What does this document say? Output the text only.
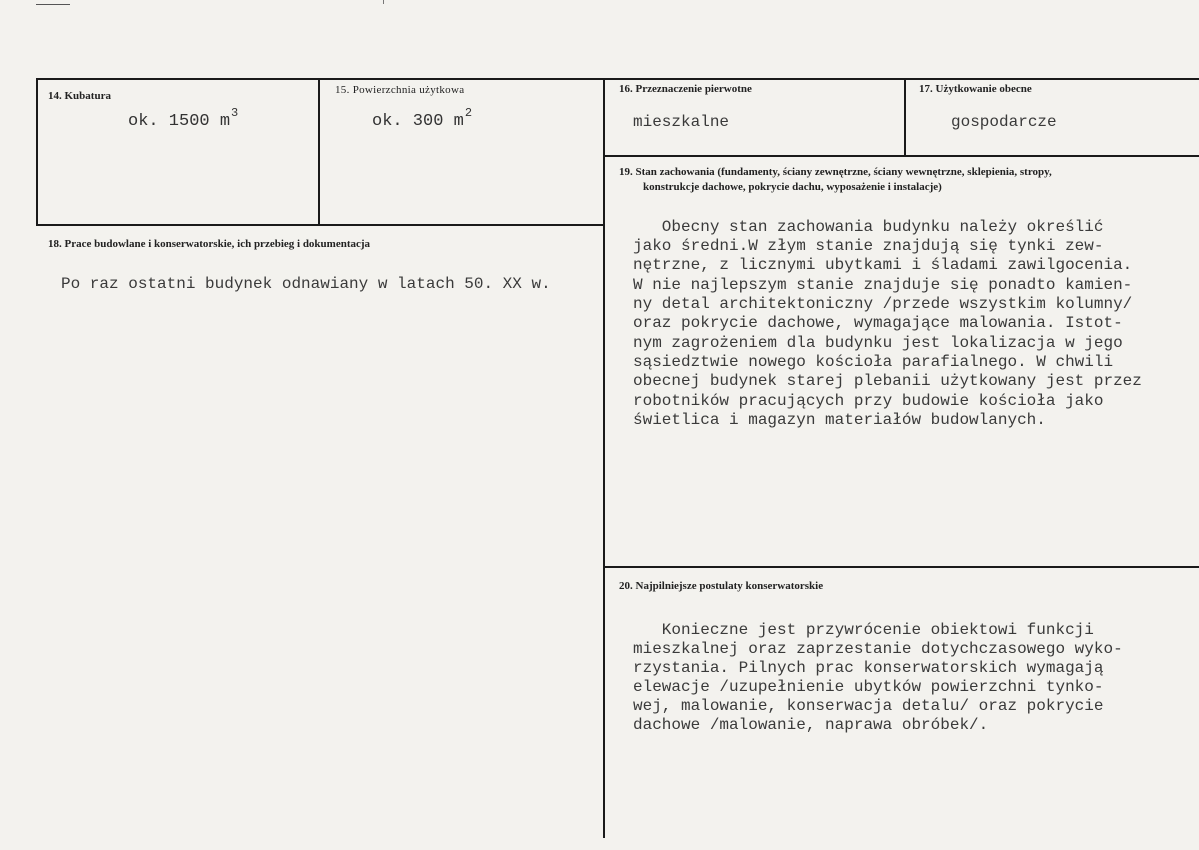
14. Kubatura
ok. 1500 $m^3$
15. Powierzchnia użytkowa
ok. 300 $m^2$
16. Przeznaczenie pierwotne
mieszkalne
17. Użytkowanie obecne
gospodarcze
18. Prace budowlane i konserwatorskie, ich przebieg i dokumentacja
Po raz ostatni budynek odnawiany w latach 50. XX w.
19. Stan zachowania (fundamenty, ściany zewnętrzne, ściany wewnętrzne, sklepienia, stropy,
konstrukcje dachowe, pokrycie dachu, wyposażenie i instalacje)
Obecny stan zachowania budynku należy określić
jako średni.W złym stanie znajdują się tynki zew-
nętrzne, z licznymi ubytkami i śladami zawilgocenia.
W nie najlepszym stanie znajduje się ponadto kamien-
ny detal architektoniczny /przede wszystkim kolumny/
oraz pokrycie dachowe, wymagające malowania. Istot-
nym zagrożeniem dla budynku jest lokalizacja w jego
sąsiedztwie nowego kościoła parafialnego. W chwili
obecnej budynek starej plebanii użytkowany jest przez
robotników pracujących przy budowie kościoła jako
świetlica i magazyn materiałów budowlanych.
20. Najpilniejsze postulaty konserwatorskie
Konieczne jest przywrócenie obiektowi funkcji
mieszkalnej oraz zaprzestanie dotychczasowego wyko-
rzystania. Pilnych prac konserwatorskich wymagają
elewacje /uzupełnienie ubytków powierzchni tynko-
wej, malowanie, konserwacja detalu/ oraz pokrycie
dachowe /malowanie, naprawa obróbek/.
